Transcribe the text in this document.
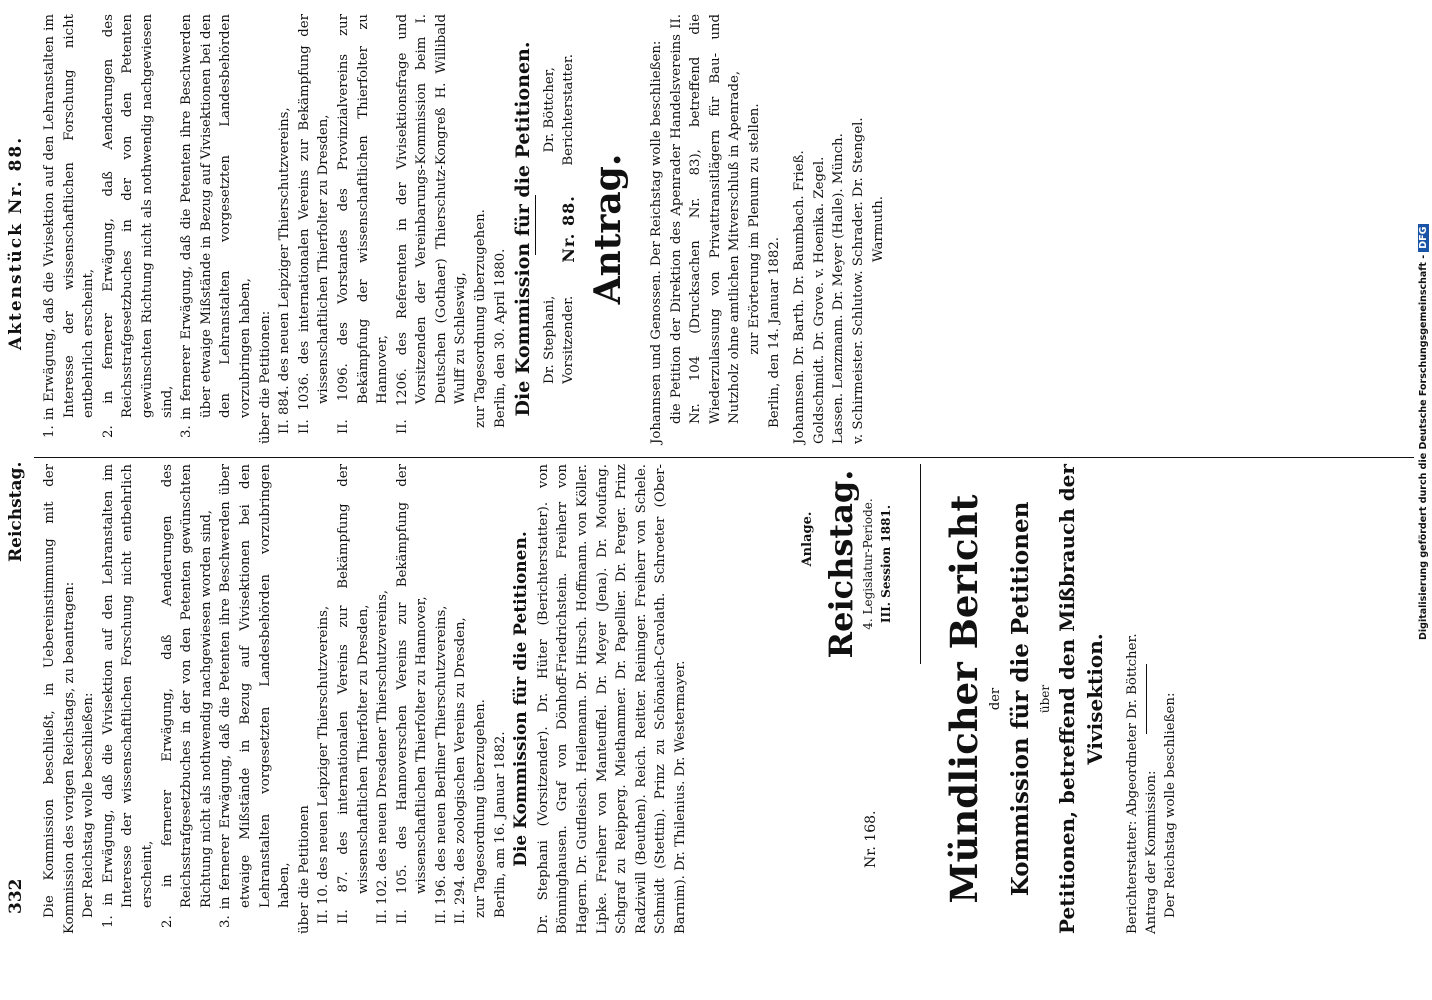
332
Reichstag.
Aktenstück Nr. 88.

Die Kommission beschließt, in Uebereinstimmung mit der Kommission des vorigen Reichstags, zu beantragen: Der Reichstag wolle beschließen: 1. in Erwägung, daß die Vivisektion auf den Lehranstalten im Interesse der wissenschaftlichen Forschung nicht entbehrlich erscheint, 2. in fernerer Erwägung, daß Aenderungen des Reichsstrafgesetzbuches in der von den Petenten gewünschten Richtung nicht als nothwendig nachgewiesen worden sind, 3. in fernerer Erwägung, daß die Petenten ihre Beschwerden über etwaige Mißstände in Bezug auf Vivisektionen bei den Lehranstalten vorgesetzten Landesbehörden vorzubringen haben, über die Petitionen II. 10. des neuen Leipziger Thierschutzvereins, II. 87. des internationalen Vereins zur Bekämpfung der wissenschaftlichen Thierfolter zu Dresden, II. 102. des neuen Dresdener Thierschutzvereins, II. 105. des Hannoverschen Vereins zur Bekämpfung der wissenschaftlichen Thierfolter zu Hannover, II. 196. des neuen Berliner Thierschutzvereins, II. 294. des zoologischen Vereins zu Dresden, zur Tagesordnung überzugehen. Berlin, am 16. Januar 1882. Die Kommission für die Petitionen. Dr. Stephani (Vorsitzender). Dr. Hüter (Berichterstatter). von Bönninghausen. Graf von Dönhoff-Friedrichstein. Freiherr von Hagern. Dr. Gutfleisch. Heilemann. Dr. Hirsch. Hoffmann. von Köller. Lipke. Freiherr von Manteuffel. Dr. Meyer (Jena). Dr. Moufang. Schgraf zu Reipperg. Miethammer. Dr. Papellier. Dr. Perger. Prinz Radziwill (Beuthen). Reich. Reitter. Reininger. Freiherr von Schele. Schmidt (Stettin). Prinz zu Schönaich-Carolath. Schroeter (Ober-Barnim). Dr. Thilenius. Dr. Westermayer.

Anlage.
Nr. 168.
Reichstag. 4. Legislatur-Periode. III. Session 1881. Mündlicher Bericht der Kommission für die Petitionen über Petitionen, betreffend den Mißbrauch der Vivisektion. Berichterstatter: Abgeordneter Dr. Böttcher. Antrag der Kommission: Der Reichstag wolle beschließen:

1. in Erwägung, daß die Vivisektion auf den Lehranstalten im Interesse der wissenschaftlichen Forschung nicht entbehrlich erscheint, 2. in fernerer Erwägung, daß Aenderungen des Reichsstrafgesetzbuches in der von den Petenten gewünschten Richtung nicht als nothwendig nachgewiesen sind, 3. in fernerer Erwägung, daß die Petenten ihre Beschwerden über etwaige Mißstände in Bezug auf Vivisektionen bei den den Lehranstalten vorgesetzten Landesbehörden vorzubringen haben, über die Petitionen: II. 884. des neuen Leipziger Thierschutzvereins, II. 1036. des internationalen Vereins zur Bekämpfung der wissenschaftlichen Thierfolter zu Dresden, II. 1096. des Vorstandes des Provinzialvereins zur Bekämpfung der wissenschaftlichen Thierfolter zu Hannover, II. 1206. des Referenten in der Vivisektionsfrage und Vorsitzenden der Vereinbarungs-Kommission beim I. Deutschen (Gothaer) Thierschutz-Kongreß H. Willibald Wulff zu Schleswig, zur Tagesordnung überzugehen. Berlin, den 30. April 1880. Die Kommission für die Petitionen. Dr. Stephani, Vorsitzender.
Dr. Böttcher, Berichterstatter.

Nr. 88. Antrag.	Johannsen und Genossen. Der Reichstag wolle beschließen: die Petition der Direktion des Apenrader Handelsvereins II. Nr. 104 (Drucksachen Nr. 83), betreffend die Wiederzulassung von Privattransitlägern für Bau- und Nutzholz ohne amtlichen Mitverschluß in Apenrade, zur Erörterung im Plenum zu stellen. Berlin, den 14. Januar 1882. Johannsen. Dr. Barth. Dr. Baumbach. Frieß. Goldschmidt. Dr. Grove. v. Hoenika. Zegel. Lassen. Lenzmann. Dr. Meyer (Halle). Münch. v. Schirmeister. Schlutow. Schrader. Dr. Stengel. Warmuth.

Digitalisierung gefördert durch die Deutsche Forschungsgemeinschaft -DFG
